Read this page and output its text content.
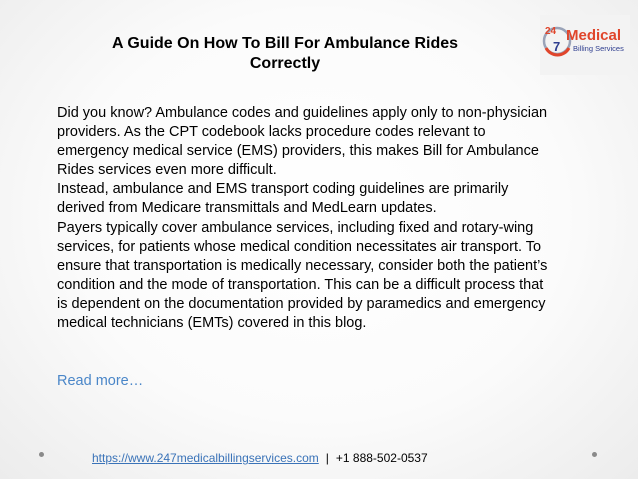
A Guide On How To Bill For Ambulance Rides
Correctly
24
7
Medical
Billing Services

Did you know? Ambulance codes and guidelines apply only to non-physician providers. As the CPT codebook lacks procedure codes relevant to emergency medical service (EMS) providers, this makes Bill for Ambulance Rides services even more difficult.

Instead, ambulance and EMS transport coding guidelines are primarily derived from Medicare transmittals and MedLearn updates.

Payers typically cover ambulance services, including fixed and rotary-wing services, for patients whose medical condition necessitates air transport. To ensure that transportation is medically necessary, consider both the patient’s condition and the mode of transportation. This can be a difficult process that is dependent on the documentation provided by paramedics and emergency medical technicians (EMTs) covered in this blog.

Read more…
https://www.247medicalbillingservices.com | +1 888-502-0537
